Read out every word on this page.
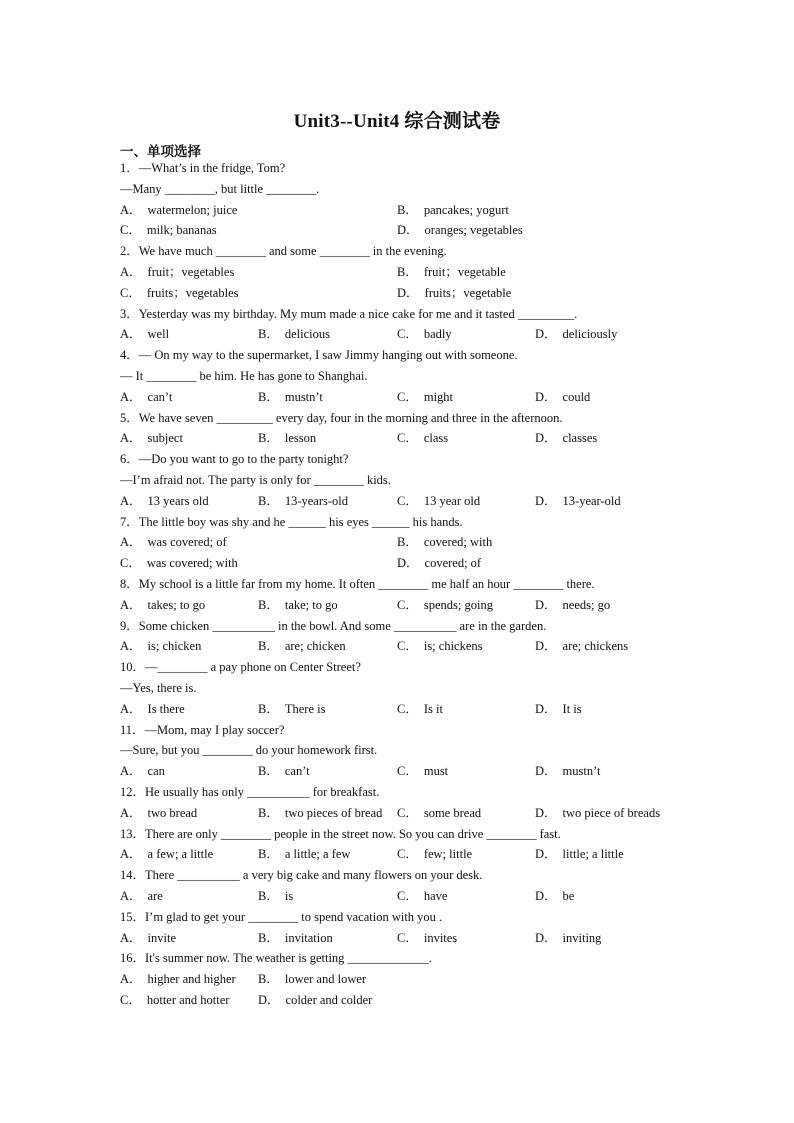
Unit3--Unit4 综合测试卷
一、单项选择
1．—What’s in the fridge, Tom?
—Many ________, but little ________.
A． watermelon; juice	B． pancakes; yogurt
C． milk; bananas	D． oranges; vegetables
2．We have much ________ and some ________ in the evening.
A． fruit；vegetables	B． fruit；vegetable
C． fruits；vegetables	D． fruits；vegetable
3．Yesterday was my birthday. My mum made a nice cake for me and it tasted _________.
A． well	B． delicious	C． badly	D． deliciously
4．— On my way to the supermarket, I saw Jimmy hanging out with someone.
— It ________ be him. He has gone to Shanghai.
A． can’t	B． mustn’t	C． might	D． could
5．We have seven _________ every day, four in the morning and three in the afternoon.
A． subject	B． lesson	C． class	D． classes
6．—Do you want to go to the party tonight?
—I’m afraid not. The party is only for ________ kids.
A． 13 years old	B． 13-years-old	C． 13 year old	D． 13-year-old
7．The little boy was shy and he ______ his eyes ______ his hands.
A． was covered; of	B． covered; with
C． was covered; with	D． covered; of
8．My school is a little far from my home. It often ________ me half an hour ________ there.
A． takes; to go	B． take; to go	C． spends; going	D． needs; go
9．Some chicken __________ in the bowl. And some __________ are in the garden.
A． is; chicken	B． are; chicken	C． is; chickens	D． are; chickens
10．—________ a pay phone on Center Street?
—Yes, there is.
A． Is there	B． There is	C． Is it	D． It is
11．—Mom, may I play soccer?
—Sure, but you ________ do your homework first.
A． can	B． can’t	C． must	D． mustn’t
12．He usually has only __________ for breakfast.
A． two bread	B． two pieces of bread C． some bread	D． two piece of breads
13．There are only ________ people in the street now. So you can drive ________ fast.
A． a few; a little	B． a little; a few	C． few; little	D． little; a little
14．There __________ a very big cake and many flowers on your desk.
A． are	B． is	C． have	D． be
15．I’m glad to get your ________ to spend vacation with you .
A． invite	B． invitation	C． invites	D． inviting
16．It's summer now. The weather is getting _____________.
A． higher and higher B． lower and lower
C． hotter and hotter D． colder and colder
